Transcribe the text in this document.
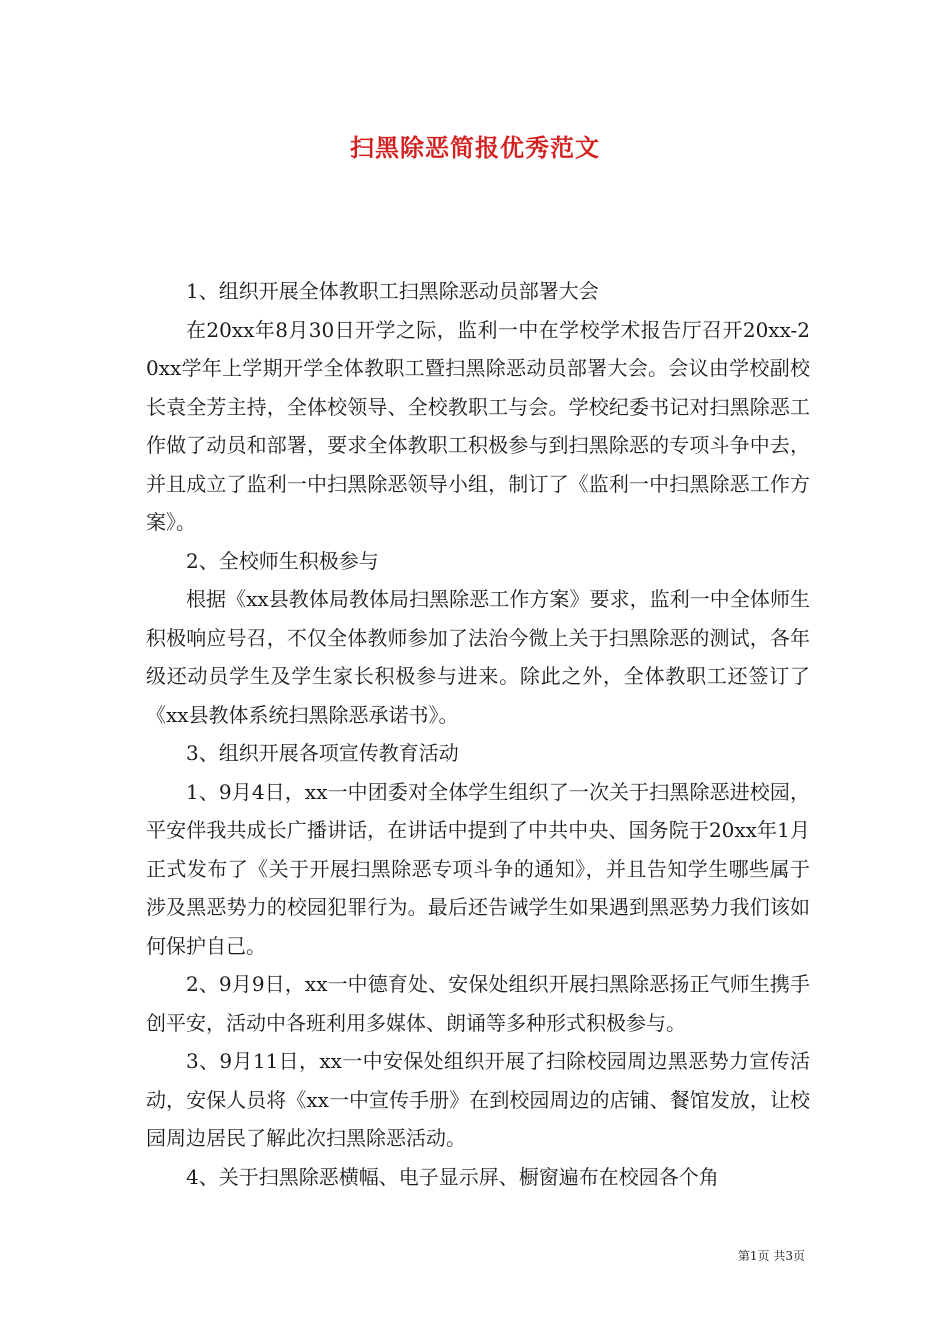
扫黑除恶简报优秀范文

1、组织开展全体教职工扫黑除恶动员部署大会

在20xx年8月30日开学之际，监利一中在学校学术报告厅召开20xx-20xx学年上学期开学全体教职工暨扫黑除恶动员部署大会。会议由学校副校长袁全芳主持，全体校领导、全校教职工与会。学校纪委书记对扫黑除恶工作做了动员和部署，要求全体教职工积极参与到扫黑除恶的专项斗争中去，并且成立了监利一中扫黑除恶领导小组，制订了《监利一中扫黑除恶工作方案》。

2、全校师生积极参与

根据《xx县教体局教体局扫黑除恶工作方案》要求，监利一中全体师生积极响应号召，不仅全体教师参加了法治今微上关于扫黑除恶的测试，各年级还动员学生及学生家长积极参与进来。除此之外，全体教职工还签订了《xx县教体系统扫黑除恶承诺书》。

3、组织开展各项宣传教育活动

1、9月4日，xx一中团委对全体学生组织了一次关于扫黑除恶进校园，平安伴我共成长广播讲话，在讲话中提到了中共中央、国务院于20xx年1月正式发布了《关于开展扫黑除恶专项斗争的通知》，并且告知学生哪些属于涉及黑恶势力的校园犯罪行为。最后还告诫学生如果遇到黑恶势力我们该如何保护自己。

2、9月9日，xx一中德育处、安保处组织开展扫黑除恶扬正气师生携手创平安，活动中各班利用多媒体、朗诵等多种形式积极参与。

3、9月11日，xx一中安保处组织开展了扫除校园周边黑恶势力宣传活动，安保人员将《xx一中宣传手册》在到校园周边的店铺、餐馆发放，让校园周边居民了解此次扫黑除恶活动。

4、关于扫黑除恶横幅、电子显示屏、橱窗遍布在校园各个角

第1页 共3页
